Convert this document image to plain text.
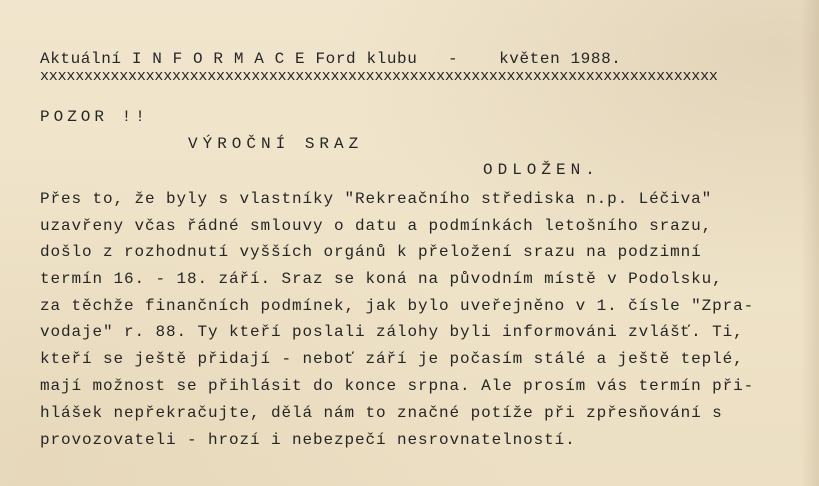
Aktuální I N F O R M A C E Ford klubu   -    květen 1988.
xxxxxxxxxxxxxxxxxxxxxxxxxxxxxxxxxxxxxxxxxxxxxxxxxxxxxxxxxxxxxxxxxxxxxxxxxxxxx
POZOR !!
VÝROČNÍ SRAZ
ODLOŽEN.
Přes to, že byly s vlastníky "Rekreačního střediska n.p. Léčiva"
uzavřeny včas řádné smlouvy o datu a podmínkách letošního srazu,
došlo z rozhodnutí vyšších orgánů k přeložení srazu na podzimní
termín 16. - 18. září. Sraz se koná na původním místě v Podolsku,
za těchže finančních podmínek, jak bylo uveřejněno v 1. čísle "Zpra-
vodaje" r. 88. Ty kteří poslali zálohy byli informováni zvlášť. Ti,
kteří se ještě přidají - neboť září je počasím stálé a ještě teplé,
mají možnost se přihlásit do konce srpna. Ale prosím vás termín při-
hlášek nepřekračujte, dělá nám to značné potíže při zpřesňování s
provozovateli - hrozí i nebezpečí nesrovnatelností.
